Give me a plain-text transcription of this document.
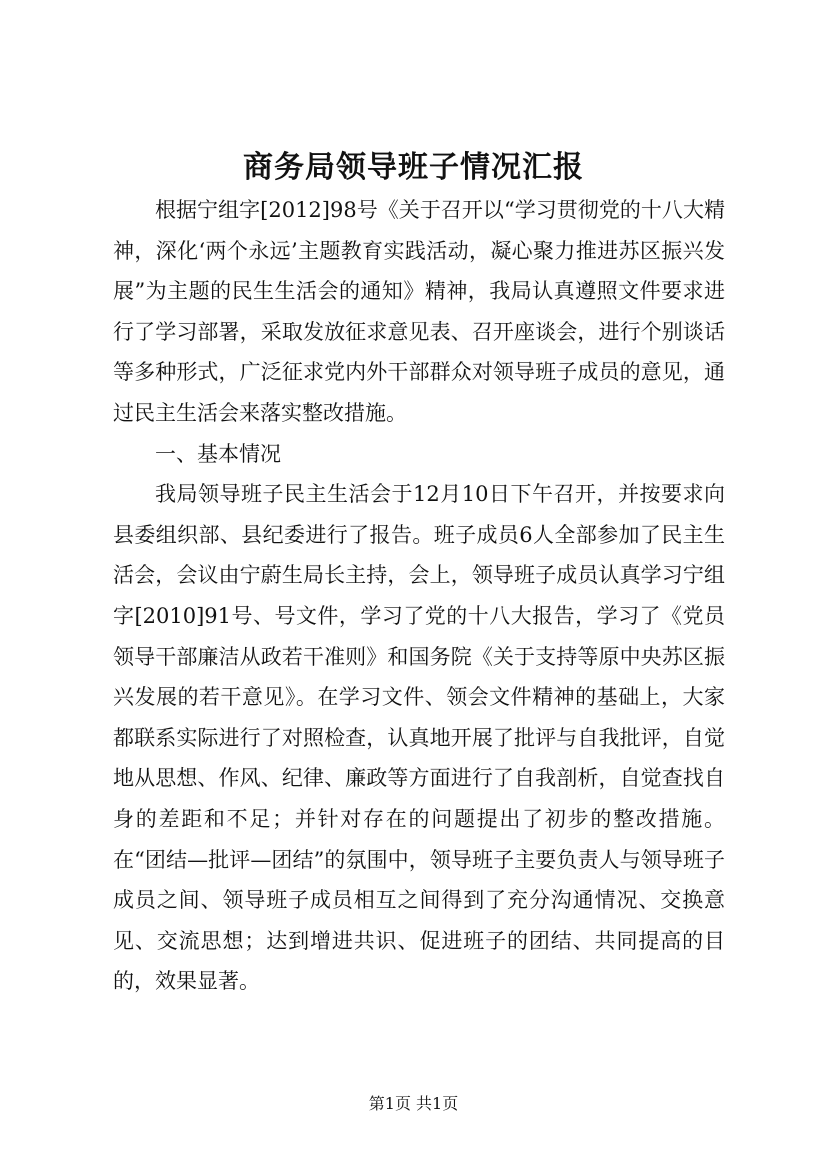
商务局领导班子情况汇报

根据宁组字[2012]98号《关于召开以“学习贯彻党的十八大精神，深化‘两个永远’主题教育实践活动，凝心聚力推进苏区振兴发展”为主题的民生生活会的通知》精神，我局认真遵照文件要求进行了学习部署，采取发放征求意见表、召开座谈会，进行个别谈话等多种形式，广泛征求党内外干部群众对领导班子成员的意见，通过民主生活会来落实整改措施。

一、基本情况

我局领导班子民主生活会于12月10日下午召开，并按要求向县委组织部、县纪委进行了报告。班子成员6人全部参加了民主生活会，会议由宁蔚生局长主持，会上，领导班子成员认真学习宁组字[2010]91号、号文件，学习了党的十八大报告，学习了《党员领导干部廉洁从政若干准则》和国务院《关于支持等原中央苏区振兴发展的若干意见》。在学习文件、领会文件精神的基础上，大家都联系实际进行了对照检查，认真地开展了批评与自我批评，自觉地从思想、作风、纪律、廉政等方面进行了自我剖析，自觉查找自身的差距和不足；并针对存在的问题提出了初步的整改措施。在“团结—批评—团结”的氛围中，领导班子主要负责人与领导班子成员之间、领导班子成员相互之间得到了充分沟通情况、交换意见、交流思想；达到增进共识、促进班子的团结、共同提高的目的，效果显著。

第1页 共1页
